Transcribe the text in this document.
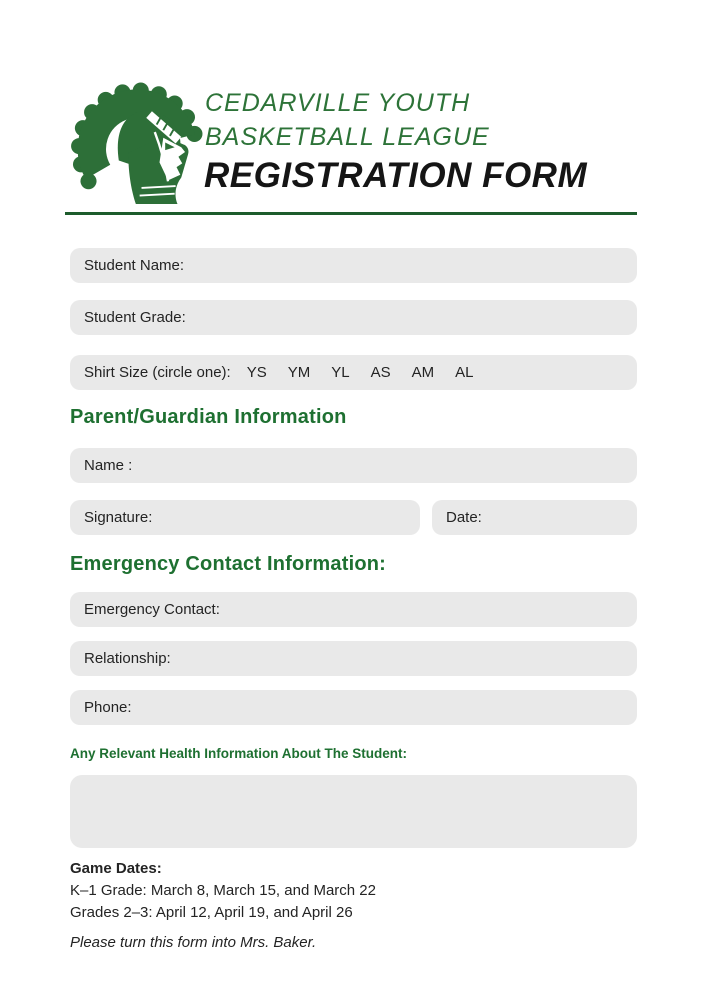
CEDARVILLE YOUTH
BASKETBALL LEAGUE
REGISTRATION FORM
Student Name:
Student Grade:
Shirt Size (circle one): YS YM YL AS AM AL
Parent/Guardian Information
Name :
Signature:	Date:
Emergency Contact Information:
Emergency Contact:
Relationship:
Phone:
Any Relevant Health Information About The Student:
Game Dates:
K–1 Grade: March 8, March 15, and March 22
Grades 2–3: April 12, April 19, and April 26
Please turn this form into Mrs. Baker.
